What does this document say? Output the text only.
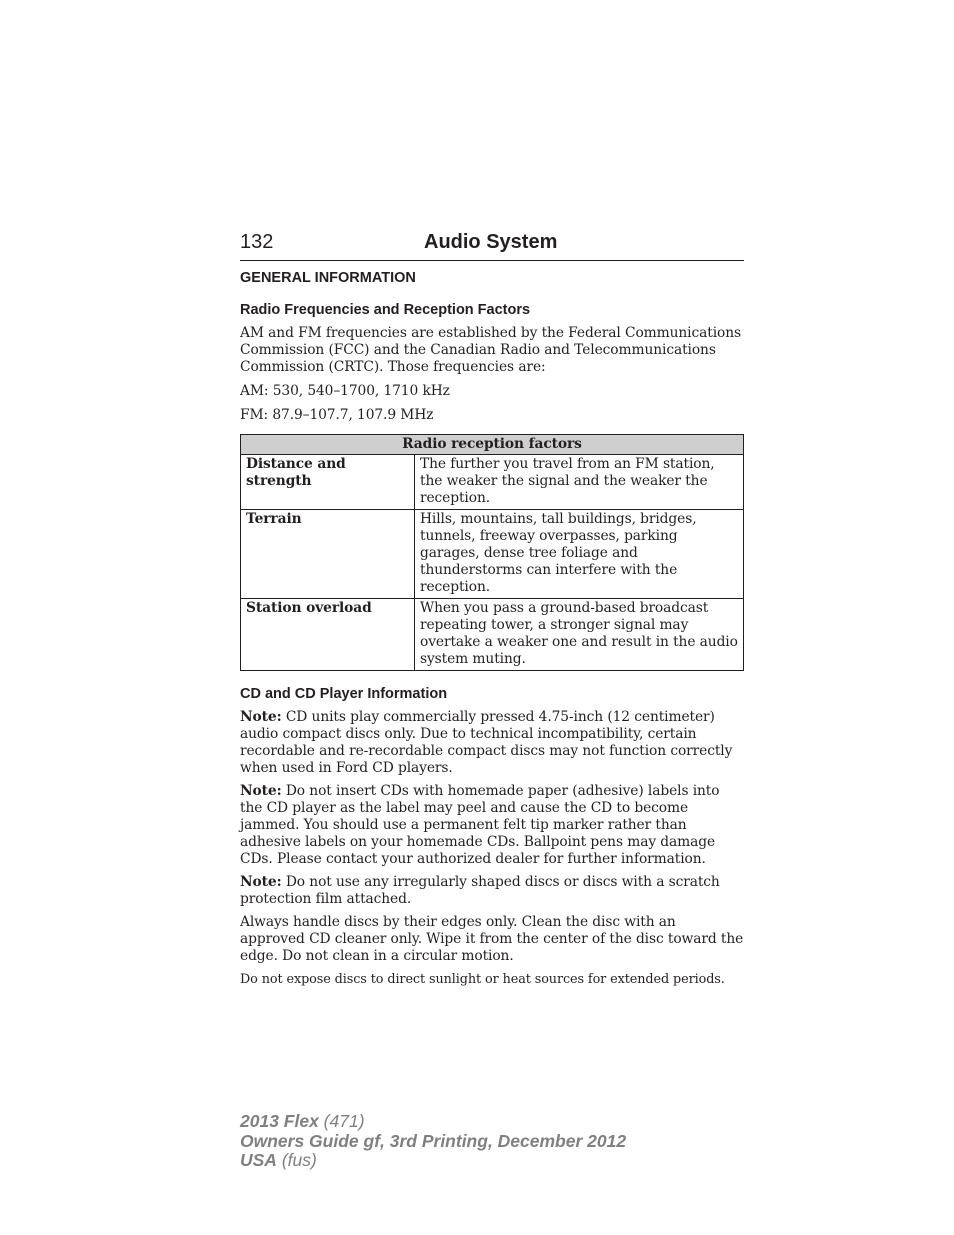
132	Audio System
GENERAL INFORMATION
Radio Frequencies and Reception Factors

AM and FM frequencies are established by the Federal Communications Commission (FCC) and the Canadian Radio and Telecommunications Commission (CRTC). Those frequencies are:

AM: 530, 540–1700, 1710 kHz

FM: 87.9–107.7, 107.9 MHz

Radio reception factors	
Distance and strength	The further you travel from an FM station, the weaker the signal and the weaker the reception.
Terrain	Hills, mountains, tall buildings, bridges, tunnels, freeway overpasses, parking garages, dense tree foliage and thunderstorms can interfere with the reception.
Station overload	When you pass a ground-based broadcast repeating tower, a stronger signal may overtake a weaker one and result in the audio system muting.
CD and CD Player Information

Note: CD units play commercially pressed 4.75-inch (12 centimeter) audio compact discs only. Due to technical incompatibility, certain recordable and re-recordable compact discs may not function correctly when used in Ford CD players.

Note: Do not insert CDs with homemade paper (adhesive) labels into the CD player as the label may peel and cause the CD to become jammed. You should use a permanent felt tip marker rather than adhesive labels on your homemade CDs. Ballpoint pens may damage CDs. Please contact your authorized dealer for further information.

Note: Do not use any irregularly shaped discs or discs with a scratch protection film attached.

Always handle discs by their edges only. Clean the disc with an approved CD cleaner only. Wipe it from the center of the disc toward the edge. Do not clean in a circular motion.

Do not expose discs to direct sunlight or heat sources for extended periods.

2013 Flex (471)
Owners Guide gf, 3rd Printing, December 2012
USA (fus)
